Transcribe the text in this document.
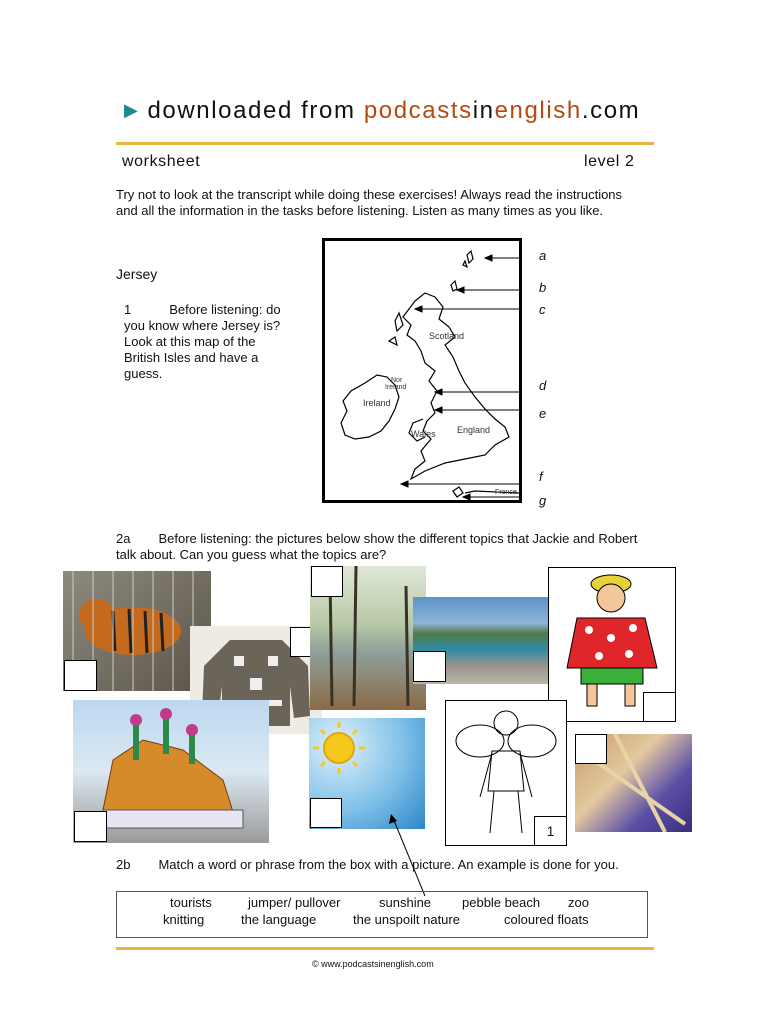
▶ downloaded from podcastsinenglish.com
worksheet	level 2
Try not to look at the transcript while doing these exercises! Always read the instructions and all the information in the tasks before listening. Listen as many times as you like.
Jersey
1	Before listening: do you know where Jersey is? Look at this map of the British Isles and have a guess.
Scotland
Nor
Ireland
Ireland
Wales England
France
a
b
c
d
e
f
g
2a Before listening: the pictures below show the different topics that Jackie and Robert talk about. Can you guess what the topics are?
1
2b Match a word or phrase from the box with a picture. An example is done for you.
tourists	jumper/ pullover	sunshine pebble beach zoo
knitting	the language	the unspoilt nature	coloured floats
© www.podcastsinenglish.com
